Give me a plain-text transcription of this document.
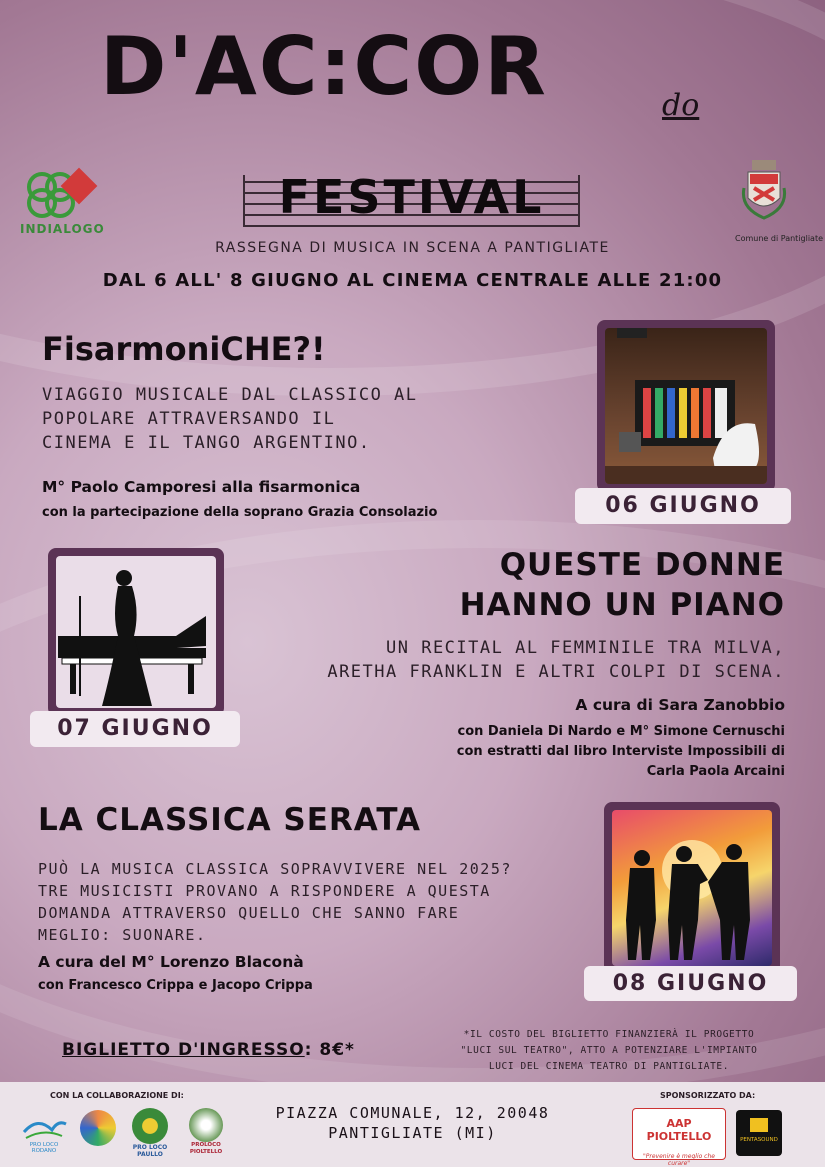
D'AC:COR	do
FESTIVAL
INDIALOGO
Comune di Pantigliate
RASSEGNA DI MUSICA IN SCENA A PANTIGLIATE
DAL 6 ALL' 8 GIUGNO AL CINEMA CENTRALE ALLE 21:00
FisarmoniCHE?!
VIAGGIO MUSICALE DAL CLASSICO AL
POPOLARE ATTRAVERSANDO IL
CINEMA E IL TANGO ARGENTINO.
M° Paolo Camporesi alla fisarmonica
con la partecipazione della soprano Grazia Consolazio	06 GIUGNO
07 GIUGNO
QUESTE DONNE
HANNO UN PIANO
UN RECITAL AL FEMMINILE TRA MILVA,
ARETHA FRANKLIN E ALTRI COLPI DI SCENA.
A cura di Sara Zanobbio
con Daniela Di Nardo e M° Simone Cernuschi
con estratti dal libro Interviste Impossibili di
Carla Paola Arcaini
LA CLASSICA SERATA
PUÒ LA MUSICA CLASSICA SOPRAVVIVERE NEL 2025?
TRE MUSICISTI PROVANO A RISPONDERE A QUESTA
DOMANDA ATTRAVERSO QUELLO CHE SANNO FARE
MEGLIO: SUONARE.
A cura del M° Lorenzo Blaconà
con Francesco Crippa e Jacopo Crippa	08 GIUGNO
BIGLIETTO D'INGRESSO: 8€*
*IL COSTO DEL BIGLIETTO FINANZIERÀ IL PROGETTO
"LUCI SUL TEATRO", ATTO A POTENZIARE L'IMPIANTO
LUCI DEL CINEMA TEATRO DI PANTIGLIATE.
CON LA COLLABORAZIONE DI:
PRO LOCO RODANO	PRO LOCO PAULLO
PROLOCO PIOLTELLO
PIAZZA COMUNALE, 12, 20048
PANTIGLIATE (MI)
SPONSORIZZATO DA:
AAP PIOLTELLO
"Prevenire è meglio che curare"
PENTASOUND
